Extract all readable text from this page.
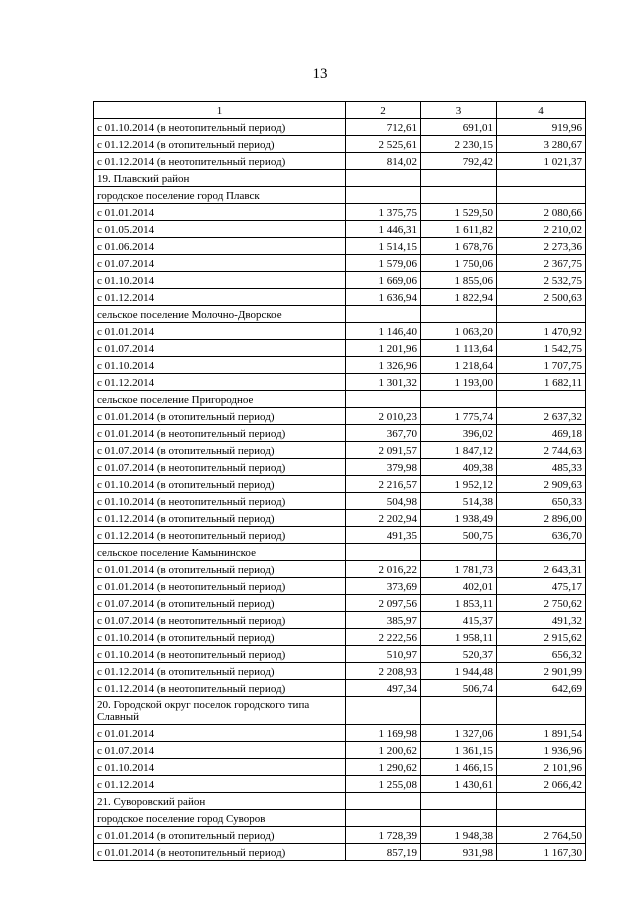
13
1	2	3	4
с 01.10.2014 (в неотопительный период)	712,61	691,01	919,96
с 01.12.2014 (в отопительный период)	2 525,61	2 230,15	3 280,67
с 01.12.2014 (в неотопительный период)	814,02	792,42	1 021,37
19. Плавский район			
городское поселение город Плавск			
с 01.01.2014	1 375,75	1 529,50	2 080,66
с 01.05.2014	1 446,31	1 611,82	2 210,02
с 01.06.2014	1 514,15	1 678,76	2 273,36
с 01.07.2014	1 579,06	1 750,06	2 367,75
с 01.10.2014	1 669,06	1 855,06	2 532,75
с 01.12.2014	1 636,94	1 822,94	2 500,63
сельское поселение Молочно-Дворское			
с 01.01.2014	1 146,40	1 063,20	1 470,92
с 01.07.2014	1 201,96	1 113,64	1 542,75
с 01.10.2014	1 326,96	1 218,64	1 707,75
с 01.12.2014	1 301,32	1 193,00	1 682,11
сельское поселение Пригородное			
с 01.01.2014 (в отопительный период)	2 010,23	1 775,74	2 637,32
с 01.01.2014 (в неотопительный период)	367,70	396,02	469,18
с 01.07.2014 (в отопительный период)	2 091,57	1 847,12	2 744,63
с 01.07.2014 (в неотопительный период)	379,98	409,38	485,33
с 01.10.2014 (в отопительный период)	2 216,57	1 952,12	2 909,63
с 01.10.2014 (в неотопительный период)	504,98	514,38	650,33
с 01.12.2014 (в отопительный период)	2 202,94	1 938,49	2 896,00
с 01.12.2014 (в неотопительный период)	491,35	500,75	636,70
сельское поселение Камынинское			
с 01.01.2014 (в отопительный период)	2 016,22	1 781,73	2 643,31
с 01.01.2014 (в неотопительный период)	373,69	402,01	475,17
с 01.07.2014 (в отопительный период)	2 097,56	1 853,11	2 750,62
с 01.07.2014 (в неотопительный период)	385,97	415,37	491,32
с 01.10.2014 (в отопительный период)	2 222,56	1 958,11	2 915,62
с 01.10.2014 (в неотопительный период)	510,97	520,37	656,32
с 01.12.2014 (в отопительный период)	2 208,93	1 944,48	2 901,99
с 01.12.2014 (в неотопительный период)	497,34	506,74	642,69
20. Городской округ поселок городского типа Славный			
с 01.01.2014	1 169,98	1 327,06	1 891,54
с 01.07.2014	1 200,62	1 361,15	1 936,96
с 01.10.2014	1 290,62	1 466,15	2 101,96
с 01.12.2014	1 255,08	1 430,61	2 066,42
21. Суворовский район			
городское поселение город Суворов			
с 01.01.2014 (в отопительный период)	1 728,39	1 948,38	2 764,50
с 01.01.2014 (в неотопительный период)	857,19	931,98	1 167,30
